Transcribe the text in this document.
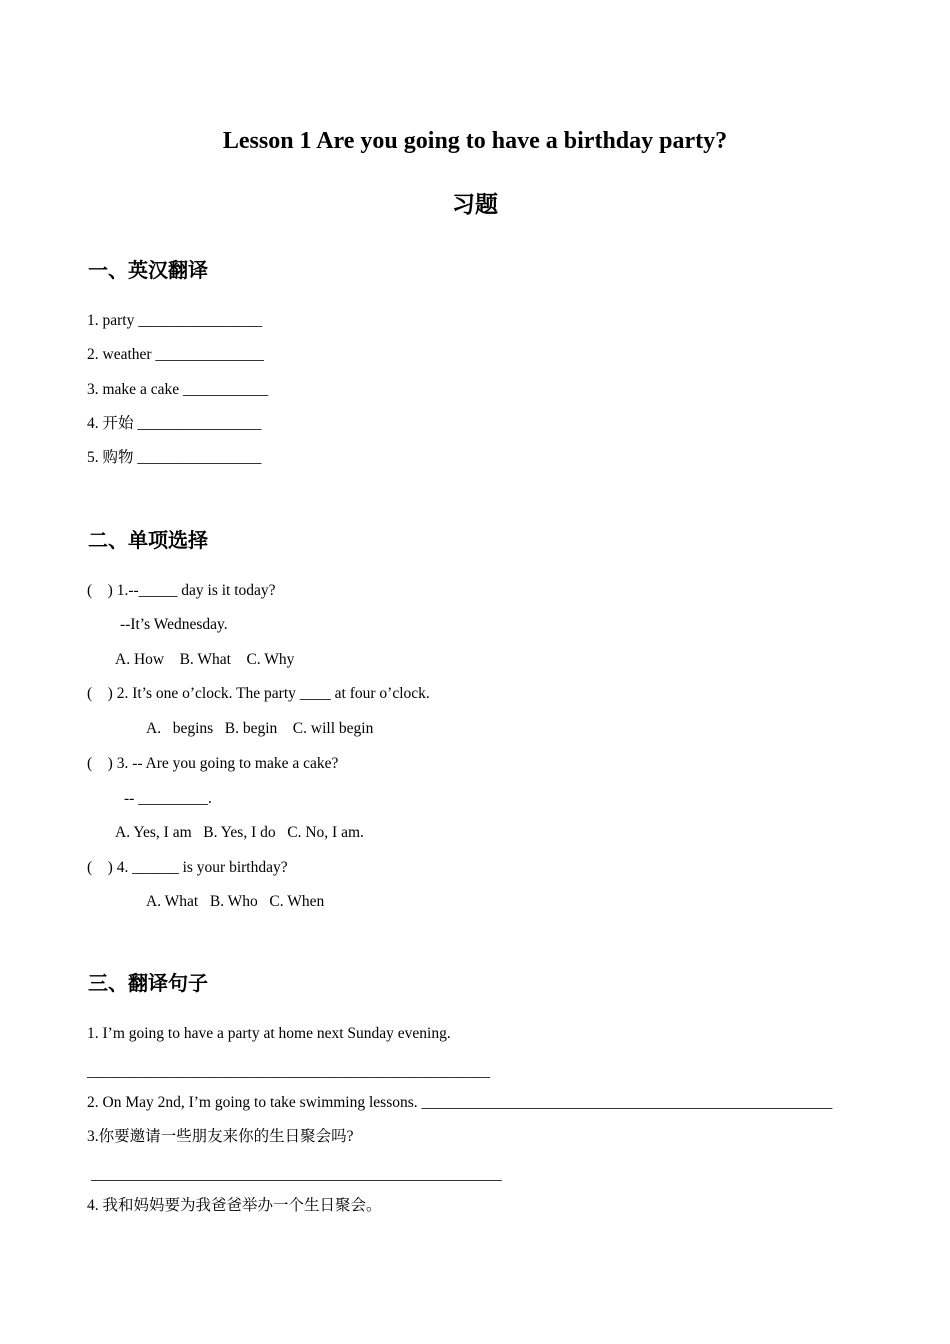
Lesson 1 Are you going to have a birthday party?
习题
一、英汉翻译
1. party ________________
2. weather ______________
3. make a cake ___________
4. 开始 ________________
5. 购物 ________________
二、单项选择
(    ) 1.--_____ day is it today?
--It’s Wednesday.
A. How    B. What    C. Why
(    ) 2. It’s one o’clock. The party ____ at four o’clock.
A.   begins   B. begin    C. will begin
(    ) 3. -- Are you going to make a cake?
-- _________.
A. Yes, I am   B. Yes, I do   C. No, I am.
(    ) 4. ______ is your birthday?
A. What   B. Who   C. When
三、翻译句子
1. I’m going to have a party at home next Sunday evening.
____________________________________________________
2. On May 2nd, I’m going to take swimming lessons. _____________________________________________________
3.你要邀请一些朋友来你的生日聚会吗?
_____________________________________________________
4. 我和妈妈要为我爸爸举办一个生日聚会。
